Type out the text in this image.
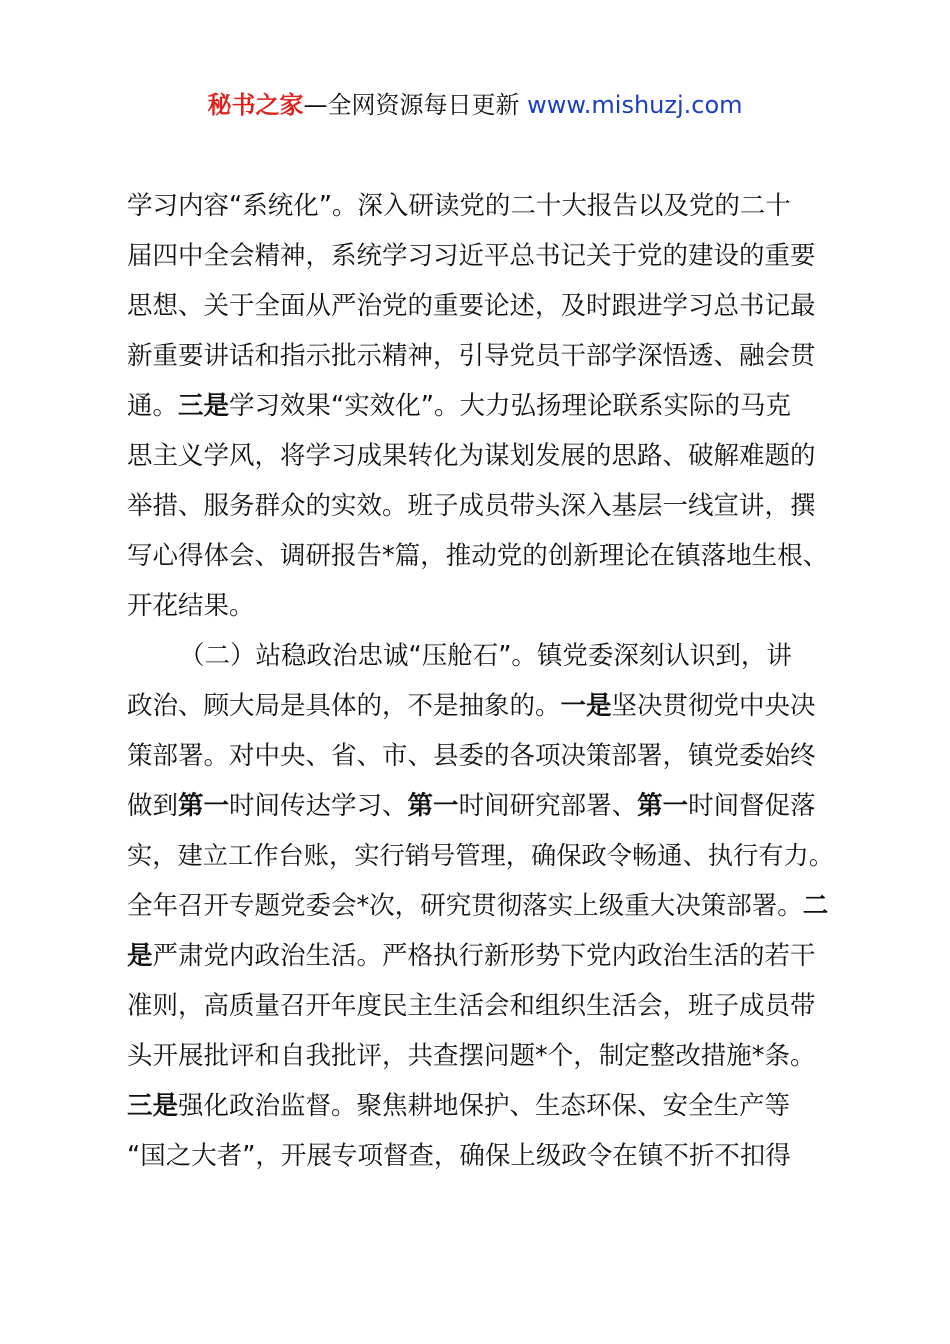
秘书之家—全网资源每日更新 www.mishuzj.com
学习内容“系统化”。深入研读党的二十大报告以及党的二十
届四中全会精神，系统学习习近平总书记关于党的建设的重要
思想、关于全面从严治党的重要论述，及时跟进学习总书记最
新重要讲话和指示批示精神，引导党员干部学深悟透、融会贯
通。三是学习效果“实效化”。大力弘扬理论联系实际的马克
思主义学风，将学习成果转化为谋划发展的思路、破解难题的
举措、服务群众的实效。班子成员带头深入基层一线宣讲，撰
写心得体会、调研报告*篇，推动党的创新理论在镇落地生根、
开花结果。
（二）站稳政治忠诚“压舱石”。镇党委深刻认识到，讲
政治、顾大局是具体的，不是抽象的。一是坚决贯彻党中央决
策部署。对中央、省、市、县委的各项决策部署，镇党委始终
做到第一时间传达学习、第一时间研究部署、第一时间督促落
实，建立工作台账，实行销号管理，确保政令畅通、执行有力。
全年召开专题党委会*次，研究贯彻落实上级重大决策部署。二
是严肃党内政治生活。严格执行新形势下党内政治生活的若干
准则，高质量召开年度民主生活会和组织生活会，班子成员带
头开展批评和自我批评，共查摆问题*个，制定整改措施*条。
三是强化政治监督。聚焦耕地保护、生态环保、安全生产等
“国之大者”，开展专项督查，确保上级政令在镇不折不扣得
